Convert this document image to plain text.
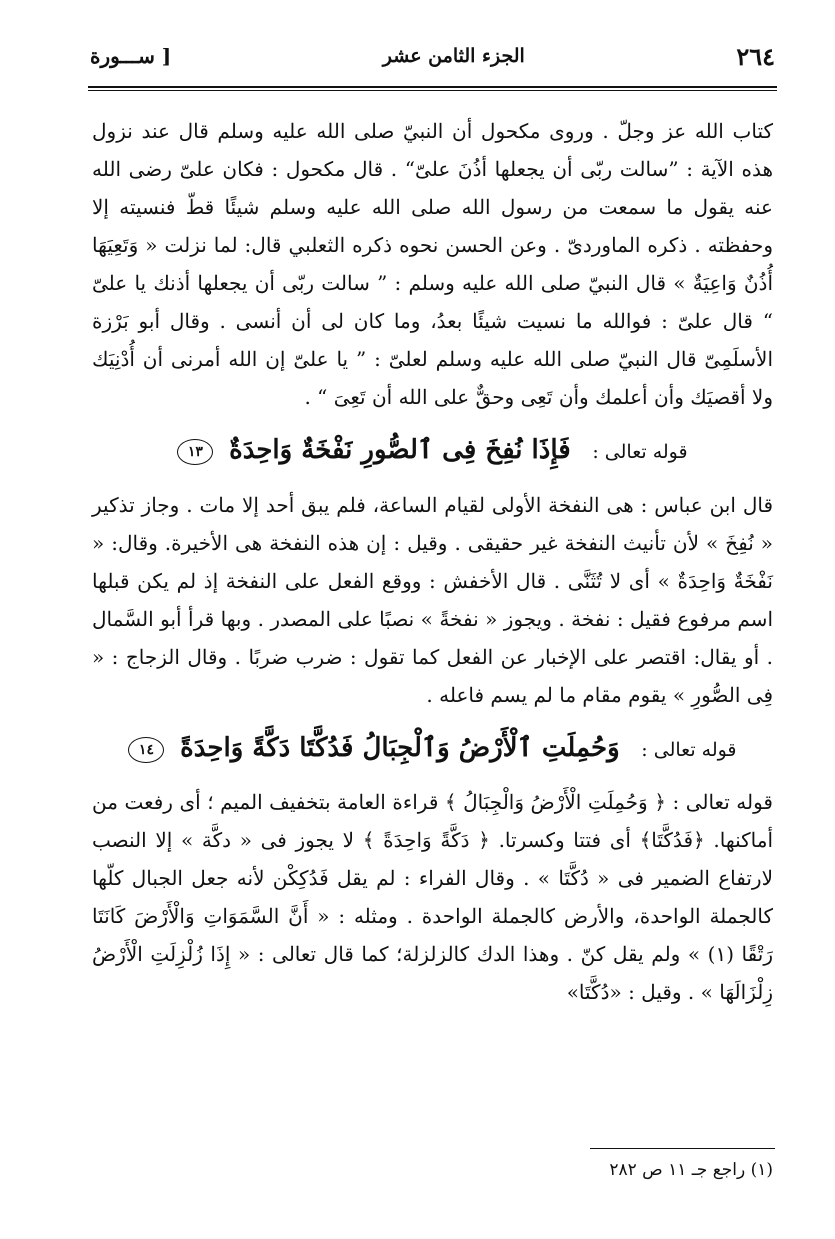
٢٦٤
الجزء الثامن عشر
[ ســـورة

كتاب الله عز وجلّ . وروى مكحول أن النبيّ صلى الله عليه وسلم قال عند نزول هذه الآية : ”سالت ربّى أن يجعلها أذُنَ علىّ“ . قال مكحول : فكان علىّ رضى الله عنه يقول ما سمعت من رسول الله صلى الله عليه وسلم شيئًا قطّ فنسيته إلا وحفظته . ذكره الماوردىّ . وعن الحسن نحوه ذكره الثعلبي قال: لما نزلت « وَتَعِيَهَا أُذُنٌ وَاعِيَةٌ » قال النبيّ صلى الله عليه وسلم : ” سالت ربّى أن يجعلها أذنك يا علىّ “ قال علىّ : فوالله ما نسيت شيئًا بعدُ، وما كان لى أن أنسى . وقال أبو بَرْزة الأسلَمِىّ قال النبيّ صلى الله عليه وسلم لعلىّ : ” يا علىّ إن الله أمرنى أن أُدْنِيَك ولا أقصيَك وأن أعلمك وأن تَعِى وحقٌّ على الله أن تَعِىَ “ .

قوله تعالى : فَإِذَا نُفِخَ فِى ٱلصُّورِ نَفْخَةٌ وَاحِدَةٌ ١٣

قال ابن عباس : هى النفخة الأولى لقيام الساعة، فلم يبق أحد إلا مات . وجاز تذكير « نُفِخَ » لأن تأنيث النفخة غير حقيقى . وقيل : إن هذه النفخة هى الأخيرة. وقال: « نَفْخَةٌ وَاحِدَةٌ » أى لا تُثَنَّى . قال الأخفش : ووقع الفعل على النفخة إذ لم يكن قبلها اسم مرفوع فقيل : نفخة . ويجوز « نفخةً » نصبًا على المصدر . وبها قرأ أبو السَّمال . أو يقال: اقتصر على الإخبار عن الفعل كما تقول : ضرب ضربًا . وقال الزجاج : « فِى الصُّورِ » يقوم مقام ما لم يسم فاعله .

قوله تعالى : وَحُمِلَتِ ٱلْأَرْضُ وَٱلْجِبَالُ فَدُكَّتَا دَكَّةً وَاحِدَةً ١٤

قوله تعالى : ﴿ وَحُمِلَتِ الْأَرْضُ وَالْجِبَالُ ﴾ قراءة العامة بتخفيف الميم ؛ أى رفعت من أماكنها. ﴿فَدُكَّتَا﴾ أى فتتا وكسرتا. ﴿ دَكَّةً وَاحِدَةً ﴾ لا يجوز فى « دكَّة » إلا النصب لارتفاع الضمير فى « دُكَّتَا » . وقال الفراء : لم يقل فَدُكِكْن لأنه جعل الجبال كلّها كالجملة الواحدة، والأرض كالجملة الواحدة . ومثله : « أَنَّ السَّمَوَاتِ وَالْأَرْضَ كَانَتَا رَتْقًا (١) » ولم يقل كنّ . وهذا الدك كالزلزلة؛ كما قال تعالى : « إِذَا زُلْزِلَتِ الْأَرْضُ زِلْزَالَهَا » . وقيل : «دُكَّتَا»

(١) راجع جـ ١١ ص ٢٨٢
